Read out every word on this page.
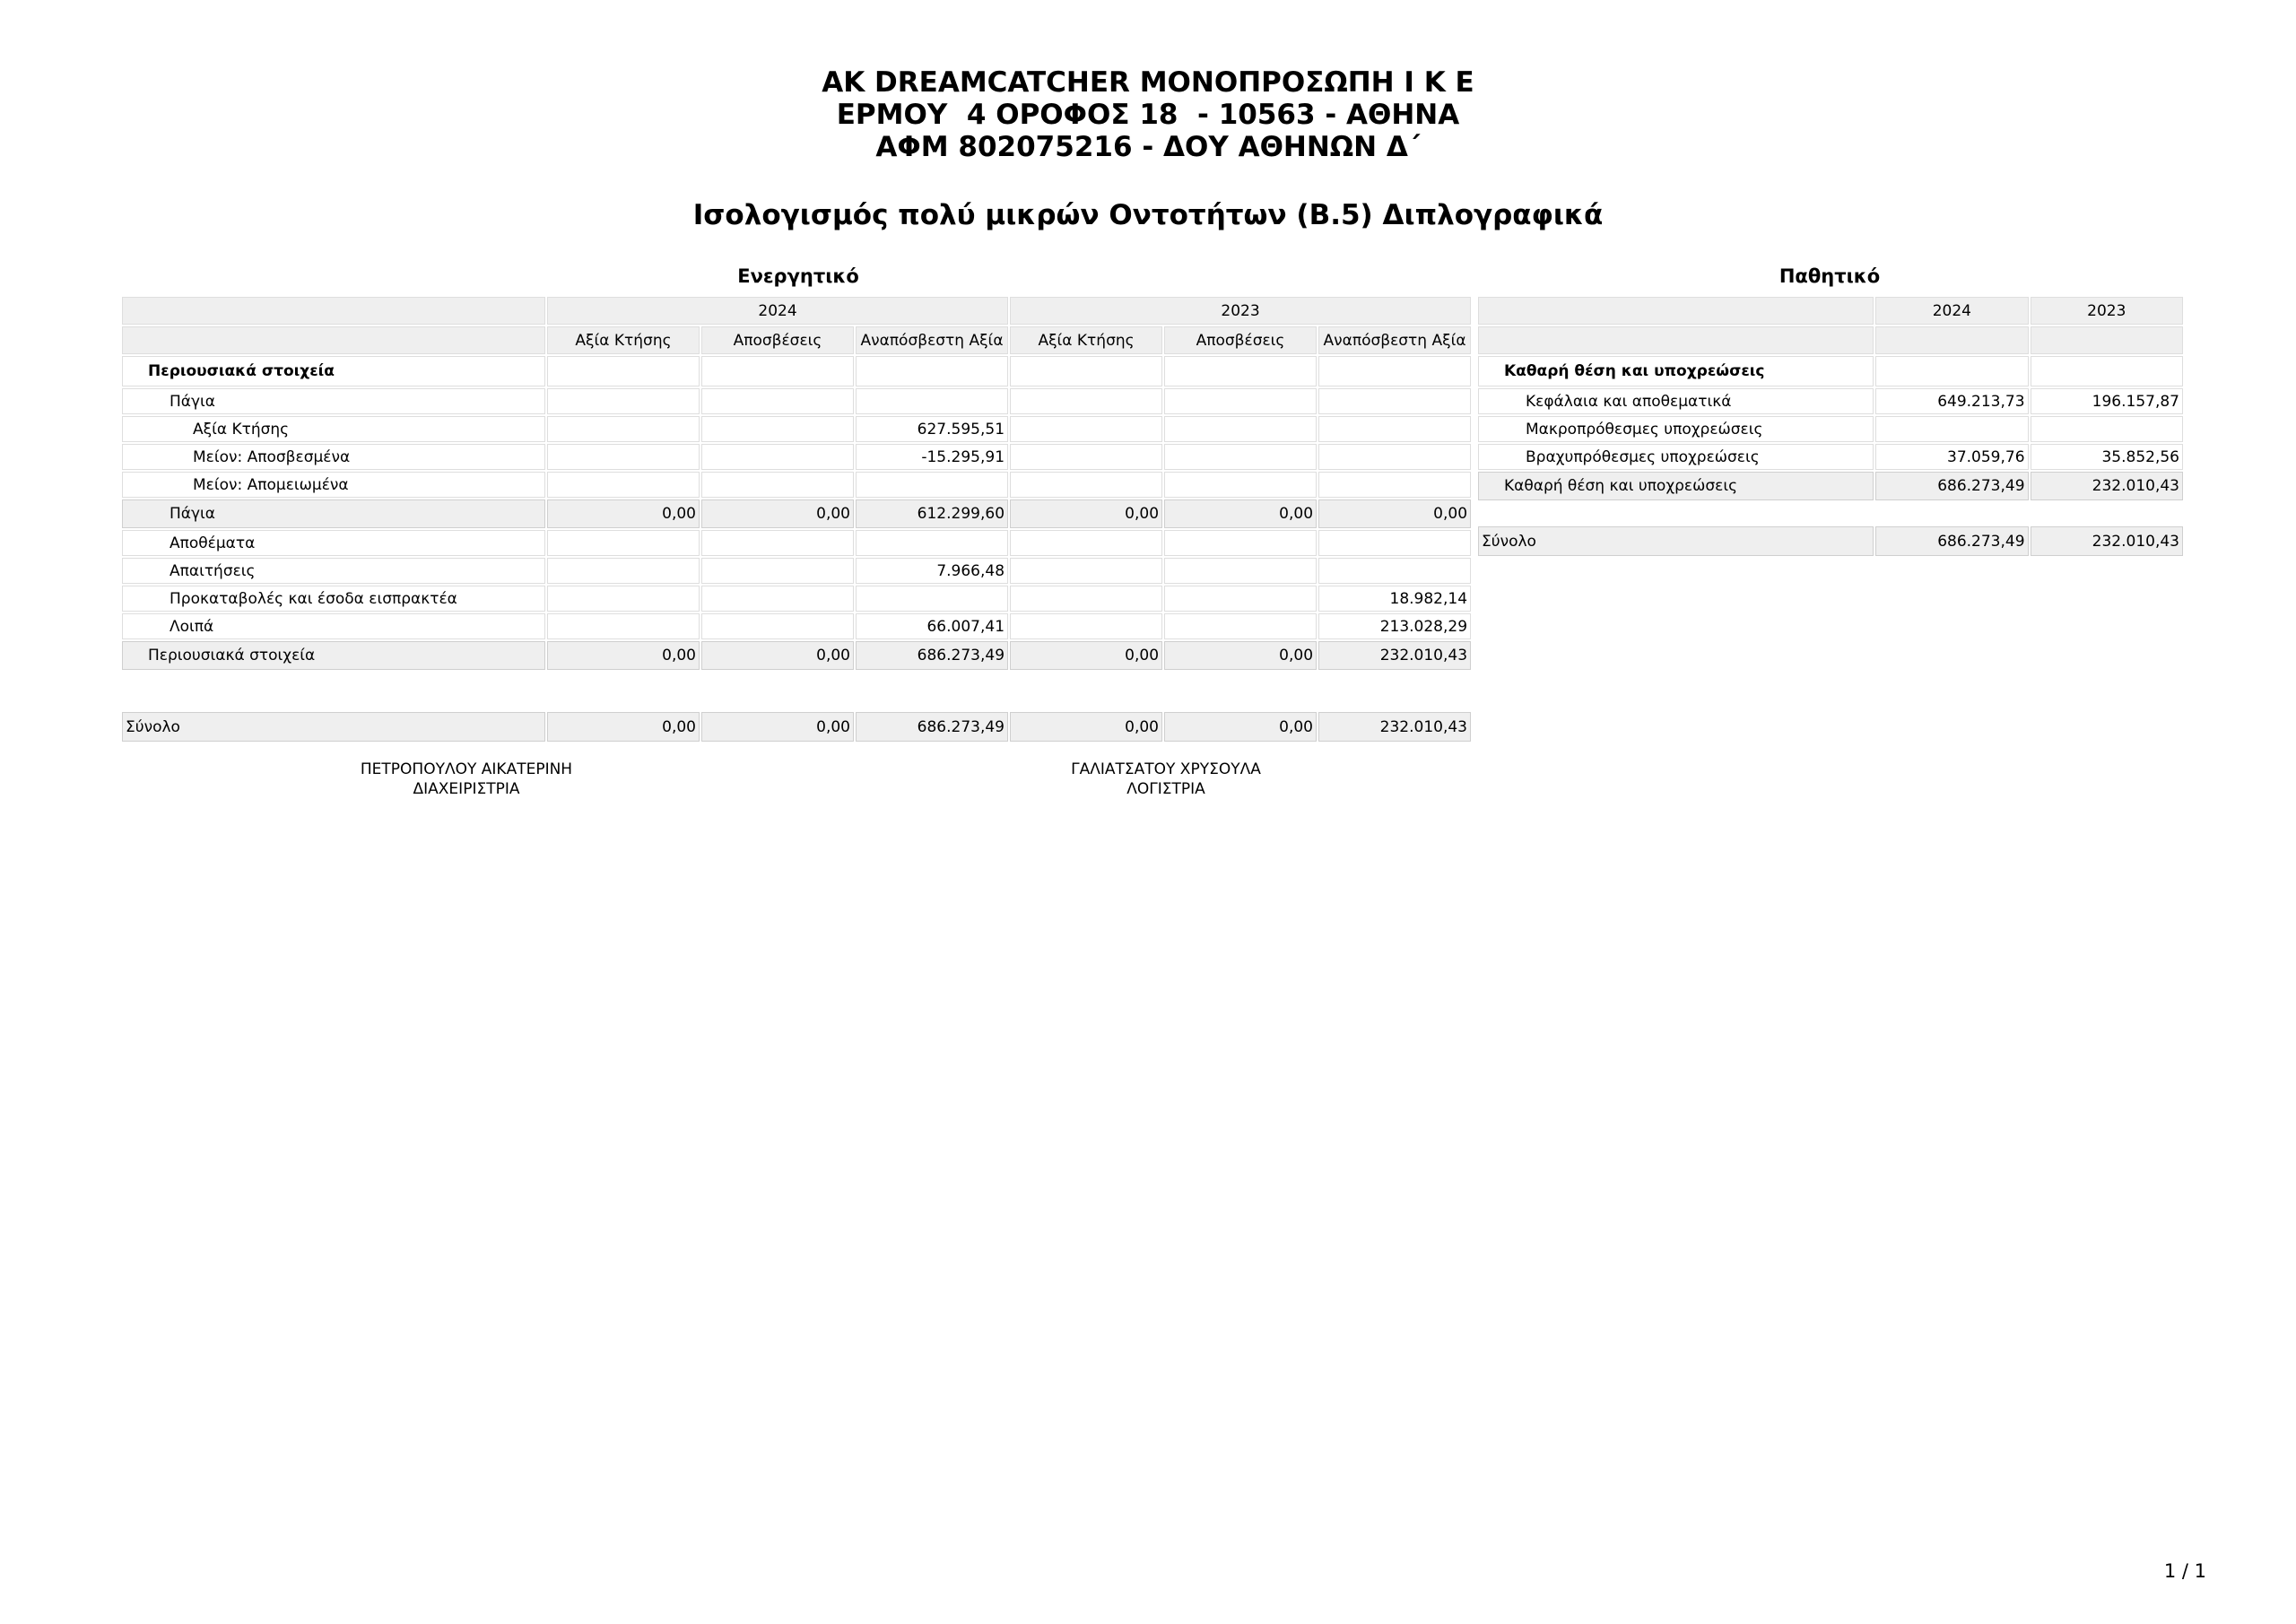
AK DREAMCATCHER ΜΟΝΟΠΡΟΣΩΠΗ Ι Κ Ε
ΕΡΜΟΥ  4 ΟΡΟΦΟΣ 18  - 10563 - ΑΘΗΝΑ
ΑΦΜ 802075216 - ΔΟΥ ΑΘΗΝΩΝ Δ΄
Ισολογισμός πολύ μικρών Οντοτήτων (Β.5) Διπλογραφικά
Ενεργητικό
	2024			2023		
	Αξία Κτήσης	Αποσβέσεις	Αναπόσβεστη Αξία	Αξία Κτήσης	Αποσβέσεις	Αναπόσβεστη Αξία
Περιουσιακά στοιχεία						
Πάγια						
Αξία Κτήσης			627.595,51			
Μείον: Αποσβεσμένα			-15.295,91			
Μείον: Απομειωμένα						
Πάγια	0,00	0,00	612.299,60	0,00	0,00	0,00
Αποθέματα						
Απαιτήσεις			7.966,48			
Προκαταβολές και έσοδα εισπρακτέα						18.982,14
Λοιπά			66.007,41			213.028,29
Περιουσιακά στοιχεία	0,00	0,00	686.273,49	0,00	0,00	232.010,43
Σύνολο	0,00	0,00	686.273,49	0,00	0,00	232.010,43
Παθητικό
	2024	2023

Καθαρή θέση και υποχρεώσεις		
Κεφάλαια και αποθεματικά	649.213,73	196.157,87
Μακροπρόθεσμες υποχρεώσεις		
Βραχυπρόθεσμες υποχρεώσεις	37.059,76	35.852,56
Καθαρή θέση και υποχρεώσεις	686.273,49	232.010,43
Σύνολο	686.273,49	232.010,43
ΠΕΤΡΟΠΟΥΛΟΥ ΑΙΚΑΤΕΡΙΝΗ
ΔΙΑΧΕΙΡΙΣΤΡΙΑ
ΓΑΛΙΑΤΣΑΤΟΥ ΧΡΥΣΟΥΛΑ
ΛΟΓΙΣΤΡΙΑ
1 / 1
